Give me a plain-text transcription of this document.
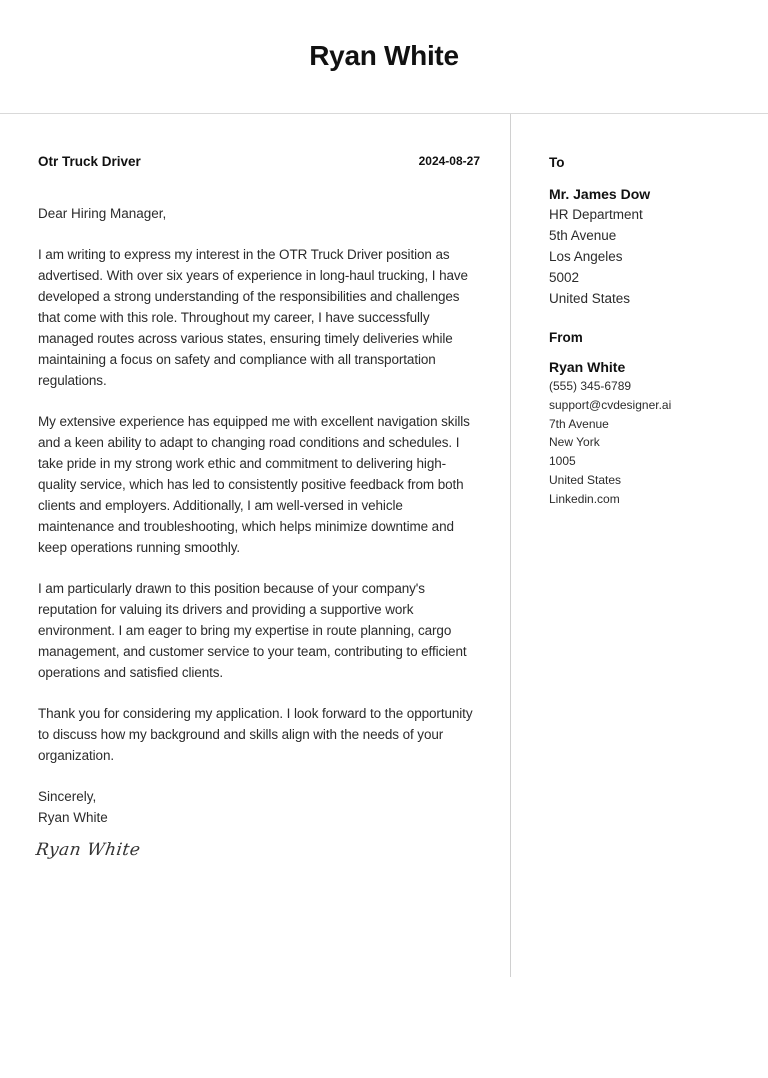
Ryan White
Otr Truck Driver	2024-08-27
Dear Hiring Manager,
I am writing to express my interest in the OTR Truck Driver position as advertised. With over six years of experience in long-haul trucking, I have developed a strong understanding of the responsibilities and challenges that come with this role. Throughout my career, I have successfully managed routes across various states, ensuring timely deliveries while maintaining a focus on safety and compliance with all transportation regulations.
My extensive experience has equipped me with excellent navigation skills and a keen ability to adapt to changing road conditions and schedules. I take pride in my strong work ethic and commitment to delivering high-quality service, which has led to consistently positive feedback from both clients and employers. Additionally, I am well-versed in vehicle maintenance and troubleshooting, which helps minimize downtime and keep operations running smoothly.
I am particularly drawn to this position because of your company's reputation for valuing its drivers and providing a supportive work environment. I am eager to bring my expertise in route planning, cargo management, and customer service to your team, contributing to efficient operations and satisfied clients.
Thank you for considering my application. I look forward to the opportunity to discuss how my background and skills align with the needs of your organization.
Sincerely,
Ryan White
Ryan White
To
Mr. James Dow
HR Department
5th Avenue
Los Angeles
5002
United States
From
Ryan White
(555) 345-6789
support@cvdesigner.ai
7th Avenue
New York
1005
United States
Linkedin.com
